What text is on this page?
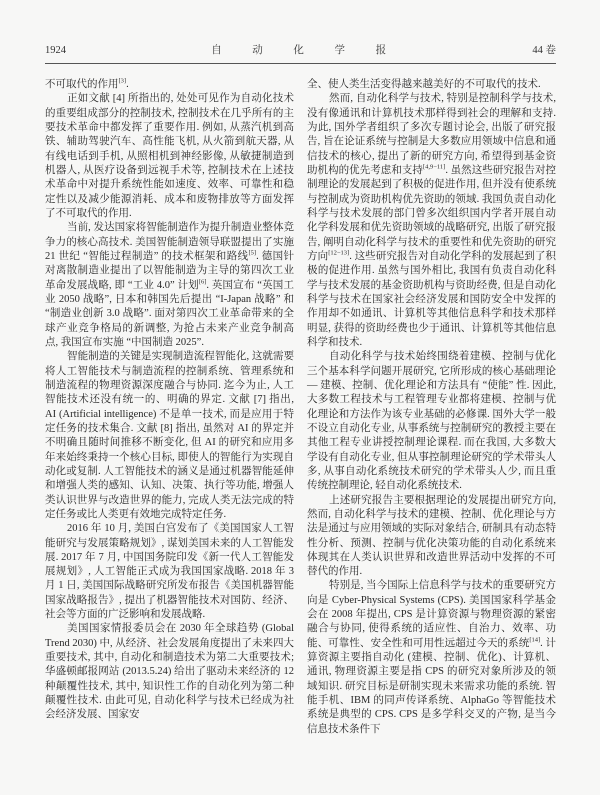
1924	自 动 化 学 报	44 卷

不可取代的作用[3].

正如文献 [4] 所指出的, 处处可见作为自动化技术的重要组成部分的控制技术, 控制技术在几乎所有的主要技术革命中都发挥了重要作用. 例如, 从蒸汽机到高铁、辅助驾驶汽车、高性能飞机, 从火箭到航天器, 从有线电话到手机, 从照相机到神经影像, 从敏捷制造到机器人, 从医疗设备到远视手术等, 控制技术在上述技术革命中对提升系统性能如速度、效率、可靠性和稳定性以及减少能源消耗、成本和废物排放等方面发挥了不可取代的作用.

当前, 发达国家将智能制造作为提升制造业整体竞争力的核心高技术. 美国智能制造领导联盟提出了实施 21 世纪 “智能过程制造” 的技术框架和路线[5]. 德国针对离散制造业提出了以智能制造为主导的第四次工业革命发展战略, 即 “工业 4.0” 计划[6]. 英国宣布 “英国工业 2050 战略”, 日本和韩国先后提出 “I-Japan 战略” 和 “制造业创新 3.0 战略”. 面对第四次工业革命带来的全球产业竞争格局的新调整, 为抢占未来产业竞争制高点, 我国宣布实施 “中国制造 2025”.

智能制造的关键是实现制造流程智能化, 这就需要将人工智能技术与制造流程的控制系统、管理系统和制造流程的物理资源深度融合与协同. 迄今为止, 人工智能技术还没有统一的、明确的界定. 文献 [7] 指出, AI (Artificial intelligence) 不是单一技术, 而是应用于特定任务的技术集合. 文献 [8] 指出, 虽然对 AI 的界定并不明确且随时间推移不断变化, 但 AI 的研究和应用多年来始终秉持一个核心目标, 即使人的智能行为实现自动化或复制. 人工智能技术的涵义是通过机器智能延伸和增强人类的感知、认知、决策、执行等功能, 增强人类认识世界与改造世界的能力, 完成人类无法完成的特定任务或比人类更有效地完成特定任务.

2016 年 10 月, 美国白宫发布了《美国国家人工智能研究与发展策略规划》, 谋划美国未来的人工智能发展. 2017 年 7 月, 中国国务院印发《新一代人工智能发展规划》, 人工智能正式成为我国国家战略. 2018 年 3 月 1 日, 美国国际战略研究所发布报告《美国机器智能国家战略报告》, 提出了机器智能技术对国防、经济、社会等方面的广泛影响和发展战略.

美国国家情报委员会在 2030 年全球趋势 (Global Trend 2030) 中, 从经济、社会发展角度提出了未来四大重要技术, 其中, 自动化和制造技术为第二大重要技术; 华盛顿邮报网站 (2013.5.24) 给出了驱动未来经济的 12 种颠覆性技术, 其中, 知识性工作的自动化列为第二种颠覆性技术. 由此可见, 自动化科学与技术已经成为社会经济发展、国家安

全、使人类生活变得越来越美好的不可取代的技术.

然而, 自动化科学与技术, 特别是控制科学与技术, 没有像通讯和计算机技术那样得到社会的理解和支持. 为此, 国外学者组织了多次专题讨论会, 出版了研究报告, 旨在论证系统与控制是大多数应用领域中信息和通信技术的核心, 提出了新的研究方向, 希望得到基金资助机构的优先考虑和支持[4,9−11]. 虽然这些研究报告对控制理论的发展起到了积极的促进作用, 但并没有使系统与控制成为资助机构优先资助的领域. 我国负责自动化科学与技术发展的部门曾多次组织国内学者开展自动化学科发展和优先资助领域的战略研究, 出版了研究报告, 阐明自动化科学与技术的重要性和优先资助的研究方向[12−13]. 这些研究报告对自动化学科的发展起到了积极的促进作用. 虽然与国外相比, 我国有负责自动化科学与技术发展的基金资助机构与资助经费, 但是自动化科学与技术在国家社会经济发展和国防安全中发挥的作用却不如通讯、计算机等其他信息科学和技术那样明显, 获得的资助经费也少于通讯、计算机等其他信息科学和技术.

自动化科学与技术始终围绕着建模、控制与优化三个基本科学问题开展研究, 它所形成的核心基础理论 — 建模、控制、优化理论和方法具有 “使能” 性. 因此, 大多数工程技术与工程管理专业都将建模、控制与优化理论和方法作为该专业基础的必修课. 国外大学一般不设立自动化专业, 从事系统与控制研究的教授主要在其他工程专业讲授控制理论课程. 而在我国, 大多数大学设有自动化专业, 但从事控制理论研究的学术带头人多, 从事自动化系统技术研究的学术带头人少, 而且重传统控制理论, 轻自动化系统技术.

上述研究报告主要根据理论的发展提出研究方向, 然而, 自动化科学与技术的建模、控制、优化理论与方法是通过与应用领域的实际对象结合, 研制具有动态特性分析、预测、控制与优化决策功能的自动化系统来体现其在人类认识世界和改造世界活动中发挥的不可替代的作用.

特别是, 当今国际上信息科学与技术的重要研究方向是 Cyber-Physical Systems (CPS). 美国国家科学基金会在 2008 年提出, CPS 是计算资源与物理资源的紧密融合与协同, 使得系统的适应性、自治力、效率、功能、可靠性、安全性和可用性远超过今天的系统[14]. 计算资源主要指自动化 (建模、控制、优化)、计算机、通讯, 物理资源主要是指 CPS 的研究对象所涉及的领域知识. 研究目标是研制实现未来需求功能的系统. 智能手机、IBM 的同声传译系统、AlphaGo 等智能技术系统是典型的 CPS. CPS 是多学科交叉的产物, 是当今信息技术条件下
